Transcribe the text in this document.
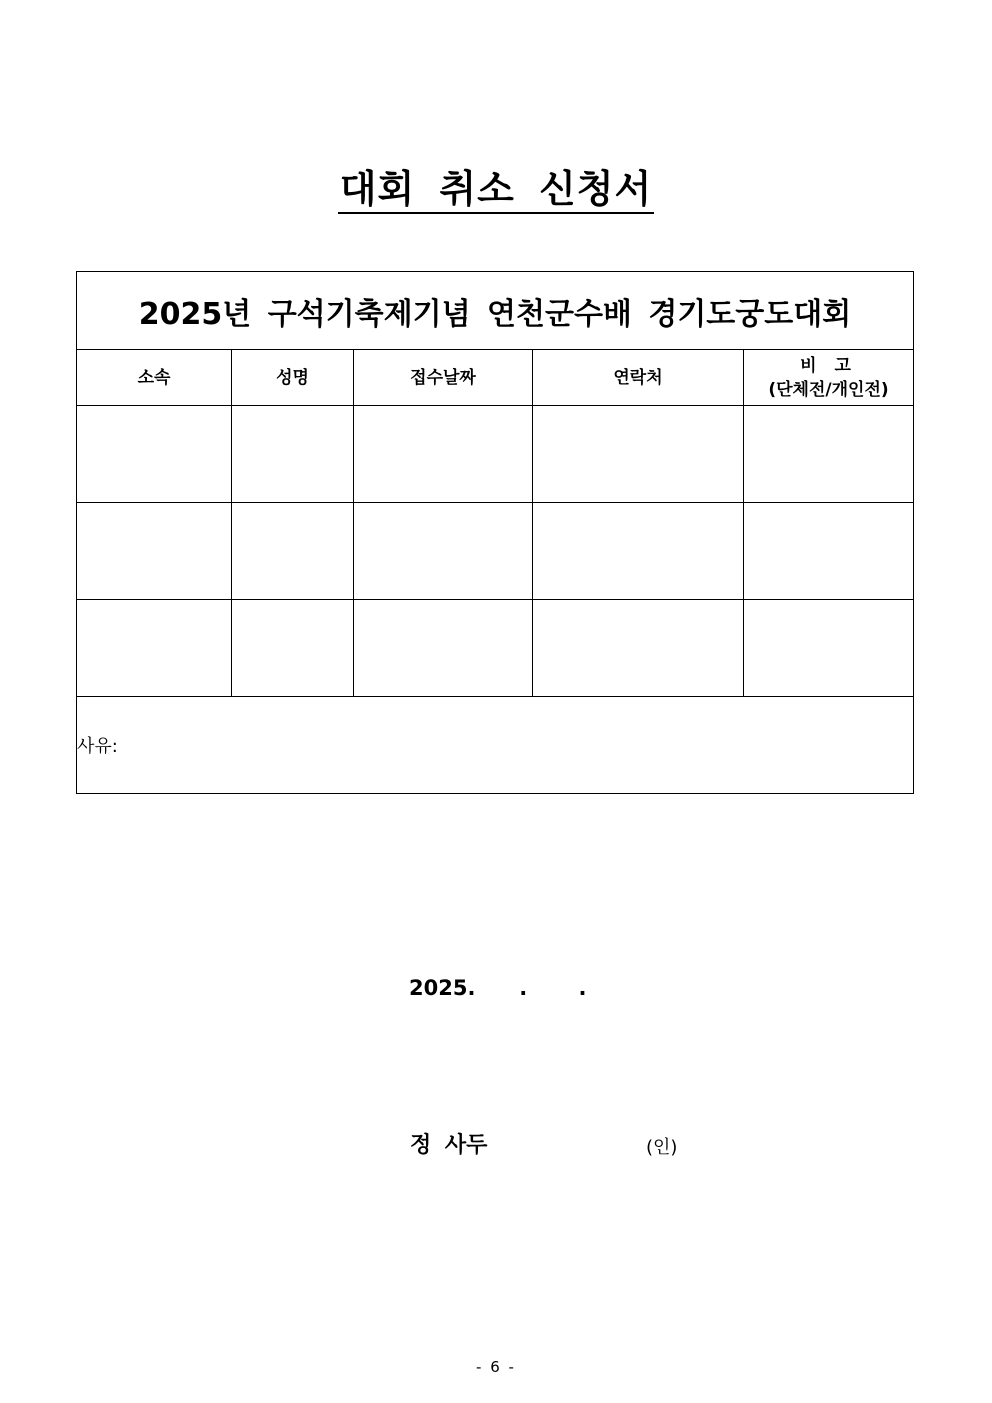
대회 취소 신청서
2025년 구석기축제기념 연천군수배 경기도궁도대회				
소속	성명	접수날짜	연락처	비 고
(단체전/개인전)

사유:				
2025.      .       .
정 사두	(인)
- 6 -
